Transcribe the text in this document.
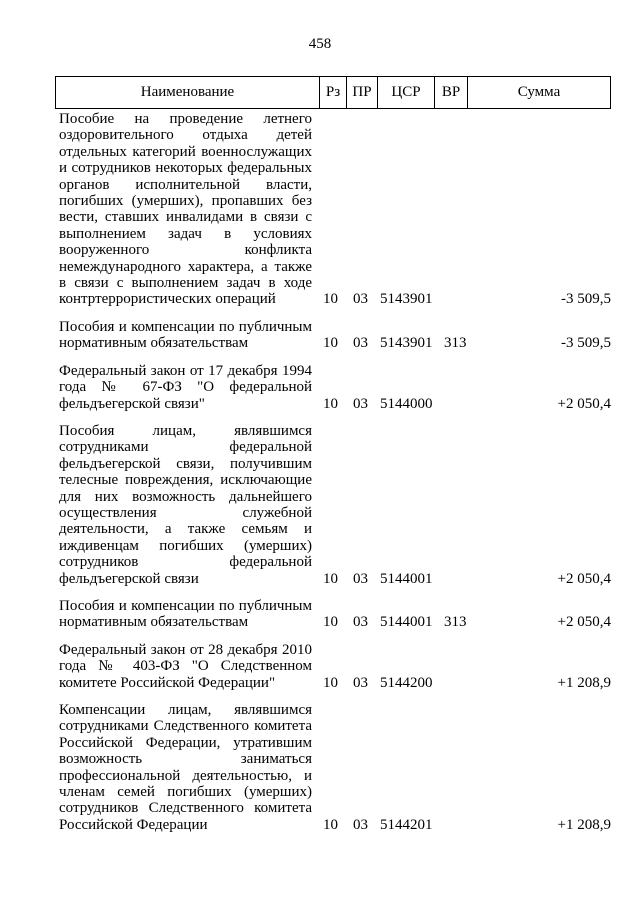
458
Наименование	Рз ПР	ЦСР	ВР	Сумма
Пособие на проведение летнего
оздоровительного отдыха детей
отдельных категорий военнослужащих
и сотрудников некоторых федеральных
органов исполнительной власти,
погибших (умерших), пропавших без
вести, ставших инвалидами в связи с
выполнением задач в условиях
вооруженного конфликта
немеждународного характера, а также
в связи с выполнением задач в ходе
контртеррористических операций	10 03 5143901	-3 509,5
Пособия и компенсации по публичным
нормативным обязательствам	10 03 5143901 313	-3 509,5
Федеральный закон от 17 декабря 1994
года № 67-ФЗ "О федеральной
фельдъегерской связи"	10 03 5144000	+2 050,4
Пособия лицам, являвшимся
сотрудниками федеральной
фельдъегерской связи, получившим
телесные повреждения, исключающие
для них возможность дальнейшего
осуществления служебной
деятельности, а также семьям и
иждивенцам погибших (умерших)
сотрудников федеральной
фельдъегерской связи	10 03 5144001	+2 050,4
Пособия и компенсации по публичным
нормативным обязательствам	10 03 5144001 313	+2 050,4
Федеральный закон от 28 декабря 2010
года № 403-ФЗ "О Следственном
комитете Российской Федерации"	10 03 5144200	+1 208,9
Компенсации лицам, являвшимся
сотрудниками Следственного комитета
Российской Федерации, утратившим
возможность заниматься
профессиональной деятельностью, и
членам семей погибших (умерших)
сотрудников Следственного комитета
Российской Федерации	10 03 5144201	+1 208,9
